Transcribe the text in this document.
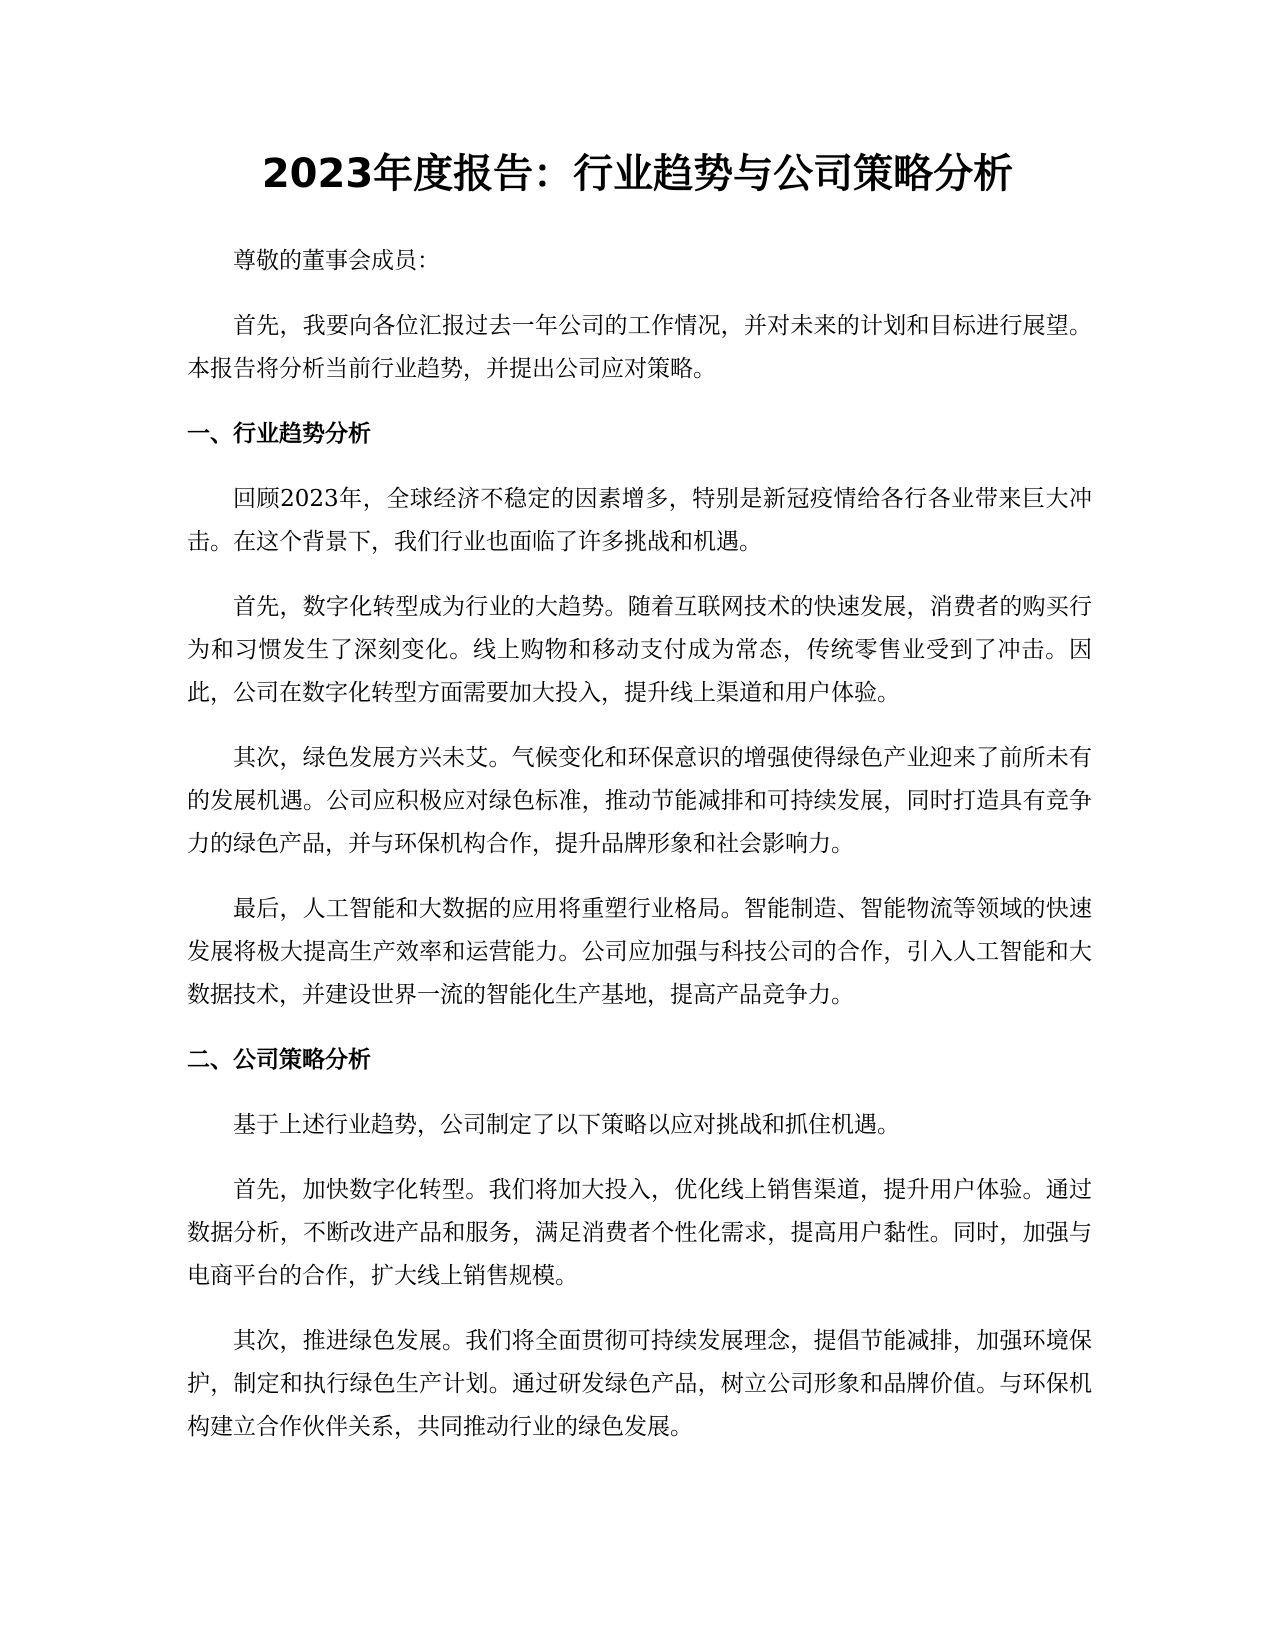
2023年度报告：行业趋势与公司策略分析

尊敬的董事会成员：

首先，我要向各位汇报过去一年公司的工作情况，并对未来的计划和目标进行展望。本报告将分析当前行业趋势，并提出公司应对策略。

一、行业趋势分析

回顾2023年，全球经济不稳定的因素增多，特别是新冠疫情给各行各业带来巨大冲击。在这个背景下，我们行业也面临了许多挑战和机遇。

首先，数字化转型成为行业的大趋势。随着互联网技术的快速发展，消费者的购买行为和习惯发生了深刻变化。线上购物和移动支付成为常态，传统零售业受到了冲击。因此，公司在数字化转型方面需要加大投入，提升线上渠道和用户体验。

其次，绿色发展方兴未艾。气候变化和环保意识的增强使得绿色产业迎来了前所未有的发展机遇。公司应积极应对绿色标准，推动节能减排和可持续发展，同时打造具有竞争力的绿色产品，并与环保机构合作，提升品牌形象和社会影响力。

最后，人工智能和大数据的应用将重塑行业格局。智能制造、智能物流等领域的快速发展将极大提高生产效率和运营能力。公司应加强与科技公司的合作，引入人工智能和大数据技术，并建设世界一流的智能化生产基地，提高产品竞争力。

二、公司策略分析

基于上述行业趋势，公司制定了以下策略以应对挑战和抓住机遇。

首先，加快数字化转型。我们将加大投入，优化线上销售渠道，提升用户体验。通过数据分析，不断改进产品和服务，满足消费者个性化需求，提高用户黏性。同时，加强与电商平台的合作，扩大线上销售规模。

其次，推进绿色发展。我们将全面贯彻可持续发展理念，提倡节能减排，加强环境保护，制定和执行绿色生产计划。通过研发绿色产品，树立公司形象和品牌价值。与环保机构建立合作伙伴关系，共同推动行业的绿色发展。
